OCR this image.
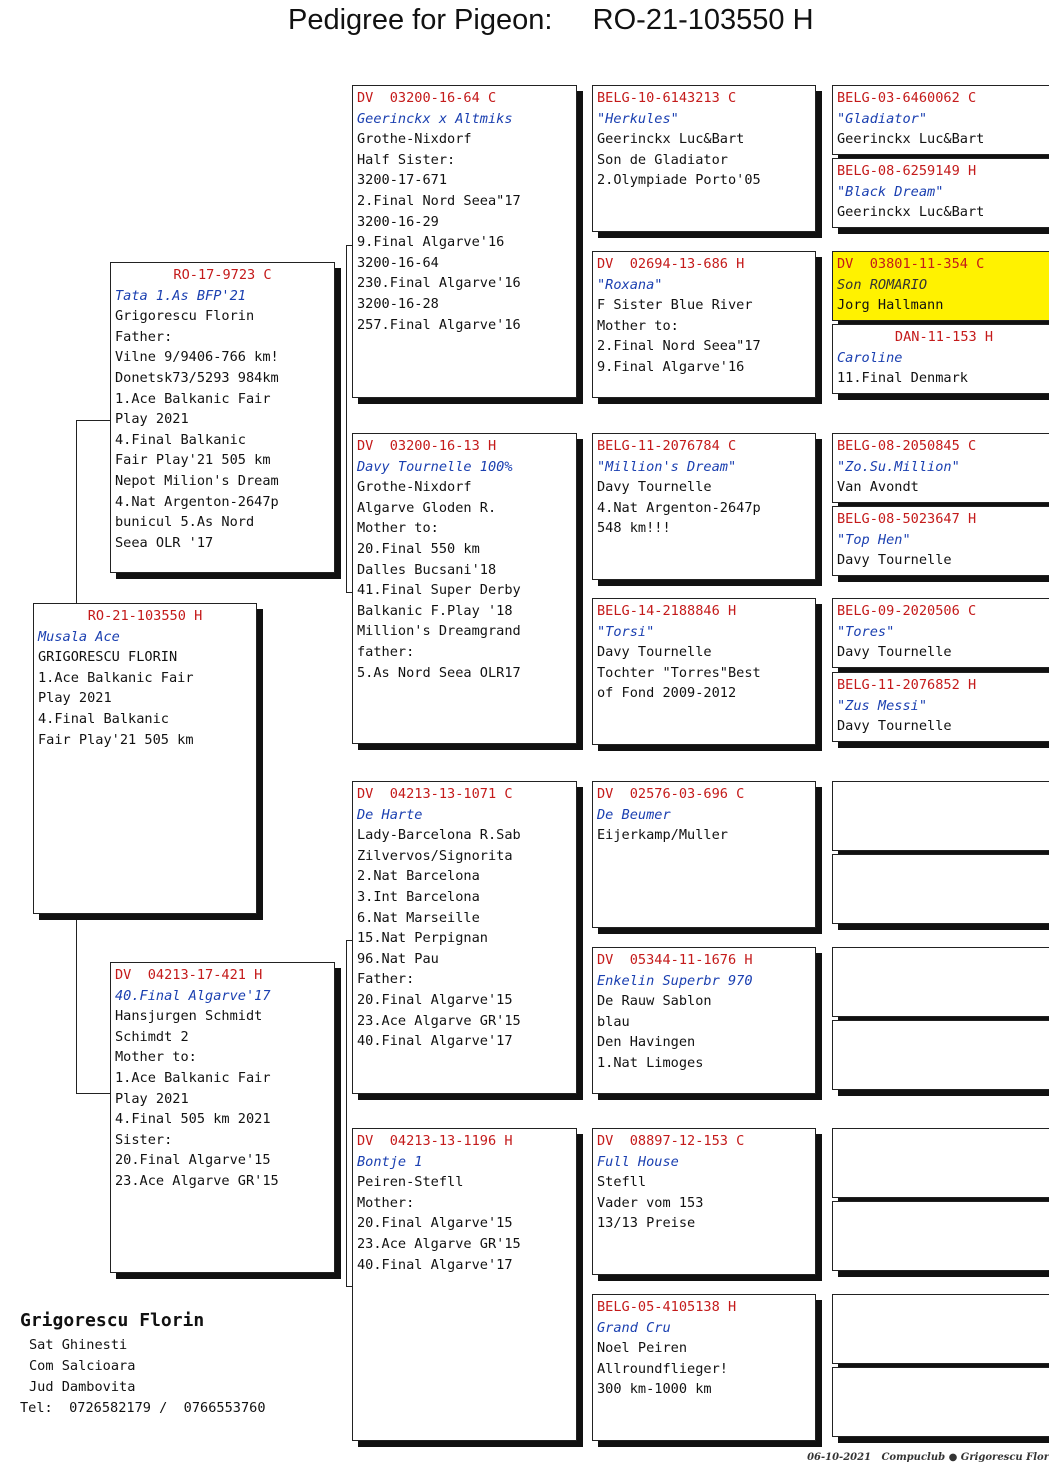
Pedigree for Pigeon:     RO-21-103550 H
RO-21-103550 H
Musala Ace
GRIGORESCU FLORIN
1.Ace Balkanic Fair
Play 2021
4.Final Balkanic
Fair Play'21 505 km
RO-17-9723 C
Tata 1.As BFP'21
Grigorescu Florin
Father:
Vilne 9/9406-766 km!
Donetsk73/5293 984km
1.Ace Balkanic Fair
Play 2021
4.Final Balkanic
Fair Play'21 505 km
Nepot Milion's Dream
4.Nat Argenton-2647p
bunicul 5.As Nord
Seea OLR '17
DV  04213-17-421 H
40.Final Algarve'17
Hansjurgen Schmidt
Schimdt 2
Mother to:
1.Ace Balkanic Fair
Play 2021
4.Final 505 km 2021
Sister:
20.Final Algarve'15
23.Ace Algarve GR'15
DV  03200-16-64 C
Geerinckx x Altmiks
Grothe-Nixdorf
Half Sister:
3200-17-671
2.Final Nord Seea"17
3200-16-29
9.Final Algarve'16
3200-16-64
230.Final Algarve'16
3200-16-28
257.Final Algarve'16
DV  03200-16-13 H
Davy Tournelle 100%
Grothe-Nixdorf
Algarve Gloden R.
Mother to:
20.Final 550 km
Dalles Bucsani'18
41.Final Super Derby
Balkanic F.Play '18
Million's Dreamgrand
father:
5.As Nord Seea OLR17
DV  04213-13-1071 C
De Harte
Lady-Barcelona R.Sab
Zilvervos/Signorita
2.Nat Barcelona
3.Int Barcelona
6.Nat Marseille
15.Nat Perpignan
96.Nat Pau
Father:
20.Final Algarve'15
23.Ace Algarve GR'15
40.Final Algarve'17
DV  04213-13-1196 H
Bontje 1
Peiren-Stefll
Mother:
20.Final Algarve'15
23.Ace Algarve GR'15
40.Final Algarve'17
BELG-10-6143213 C
"Herkules"
Geerinckx Luc&Bart
Son de Gladiator
2.Olympiade Porto'05
DV  02694-13-686 H
"Roxana"
F Sister Blue River
Mother to:
2.Final Nord Seea"17
9.Final Algarve'16
BELG-11-2076784 C
"Million's Dream"
Davy Tournelle
4.Nat Argenton-2647p
548 km!!!
BELG-14-2188846 H
"Torsi"
Davy Tournelle
Tochter "Torres"Best
of Fond 2009-2012
DV  02576-03-696 C
De Beumer
Eijerkamp/Muller
DV  05344-11-1676 H
Enkelin Superbr 970
De Rauw Sablon
blau
Den Havingen
1.Nat Limoges
DV  08897-12-153 C
Full House
Stefll
Vader vom 153
13/13 Preise
BELG-05-4105138 H
Grand Cru
Noel Peiren
Allroundflieger!
300 km-1000 km
BELG-03-6460062 C
"Gladiator"
Geerinckx Luc&Bart
BELG-08-6259149 H
"Black Dream"
Geerinckx Luc&Bart
DV  03801-11-354 C
Son ROMARIO
Jorg Hallmann
DAN-11-153 H
Caroline
11.Final Denmark
BELG-08-2050845 C
"Zo.Su.Million"
Van Avondt
BELG-08-5023647 H
"Top Hen"
Davy Tournelle
BELG-09-2020506 C
"Tores"
Davy Tournelle
BELG-11-2076852 H
"Zus Messi"
Davy Tournelle
Grigorescu Florin
Sat Ghinesti
Com Salcioara
Jud Dambovita
Tel:  0726582179 /  0766553760
06-10-2021   Compuclub ● Grigorescu Flor
